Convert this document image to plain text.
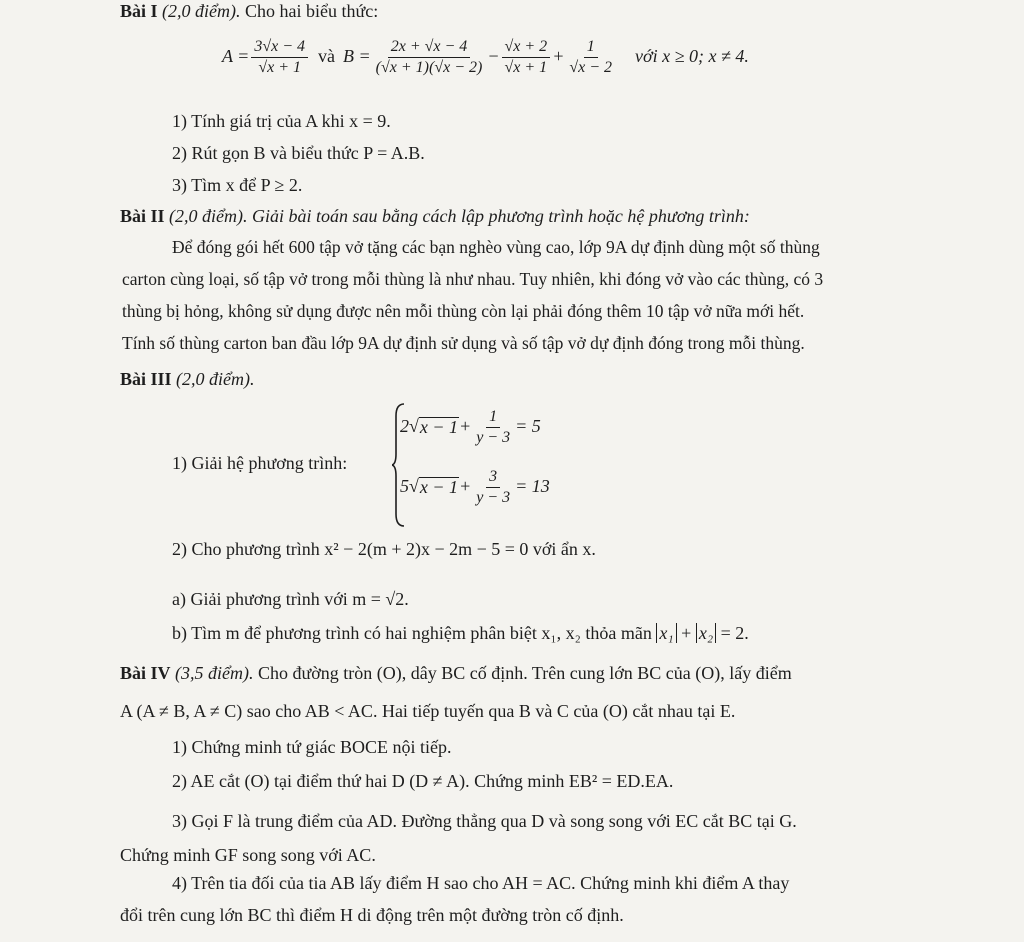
Bài I (2,0 điểm). Cho hai biểu thức:
$A = \frac{3√x - 4}{√x + 1}$ và $B = \frac{2x + √x - 4}{(√x + 1)(√x - 2)} - \frac{√x + 2}{√x + 1} + \frac{1}{√x - 2}$ với x ≥ 0; x ≠ 4.
1) Tính giá trị của A khi x = 9.
2) Rút gọn B và biểu thức P = A.B.
3) Tìm x để P ≥ 2.
Bài II (2,0 điểm). Giải bài toán sau bằng cách lập phương trình hoặc hệ phương trình:
Để đóng gói hết 600 tập vở tặng các bạn nghèo vùng cao, lớp 9A dự định dùng một số thùng
carton cùng loại, số tập vở trong mỗi thùng là như nhau. Tuy nhiên, khi đóng vở vào các thùng, có 3
thùng bị hỏng, không sử dụng được nên mỗi thùng còn lại phải đóng thêm 10 tập vở nữa mới hết.
Tính số thùng carton ban đầu lớp 9A dự định sử dụng và số tập vở dự định đóng trong mỗi thùng.
Bài III (2,0 điểm).
1) Giải hệ phương trình:
2 √ $x - 1 + \frac{1}{y - 3} = 5$
5 √ $x - 1 + \frac{3}{y - 3} = 13$
2) Cho phương trình x² − 2(m + 2)x − 2m − 5 = 0 với ẩn x.
a) Giải phương trình với m = √2.
b) Tìm m để phương trình có hai nghiệm phân biệt x₁, x₂ thỏa mãn x₁ + x₂ = 2.
Bài IV (3,5 điểm). Cho đường tròn (O), dây BC cố định. Trên cung lớn BC của (O), lấy điểm
A (A ≠ B, A ≠ C) sao cho AB < AC. Hai tiếp tuyến qua B và C của (O) cắt nhau tại E.
1) Chứng minh tứ giác BOCE nội tiếp.
2) AE cắt (O) tại điểm thứ hai D (D ≠ A). Chứng minh EB² = ED.EA.
3) Gọi F là trung điểm của AD. Đường thẳng qua D và song song với EC cắt BC tại G.
Chứng minh GF song song với AC.
4) Trên tia đối của tia AB lấy điểm H sao cho AH = AC. Chứng minh khi điểm A thay
đổi trên cung lớn BC thì điểm H di động trên một đường tròn cố định.
